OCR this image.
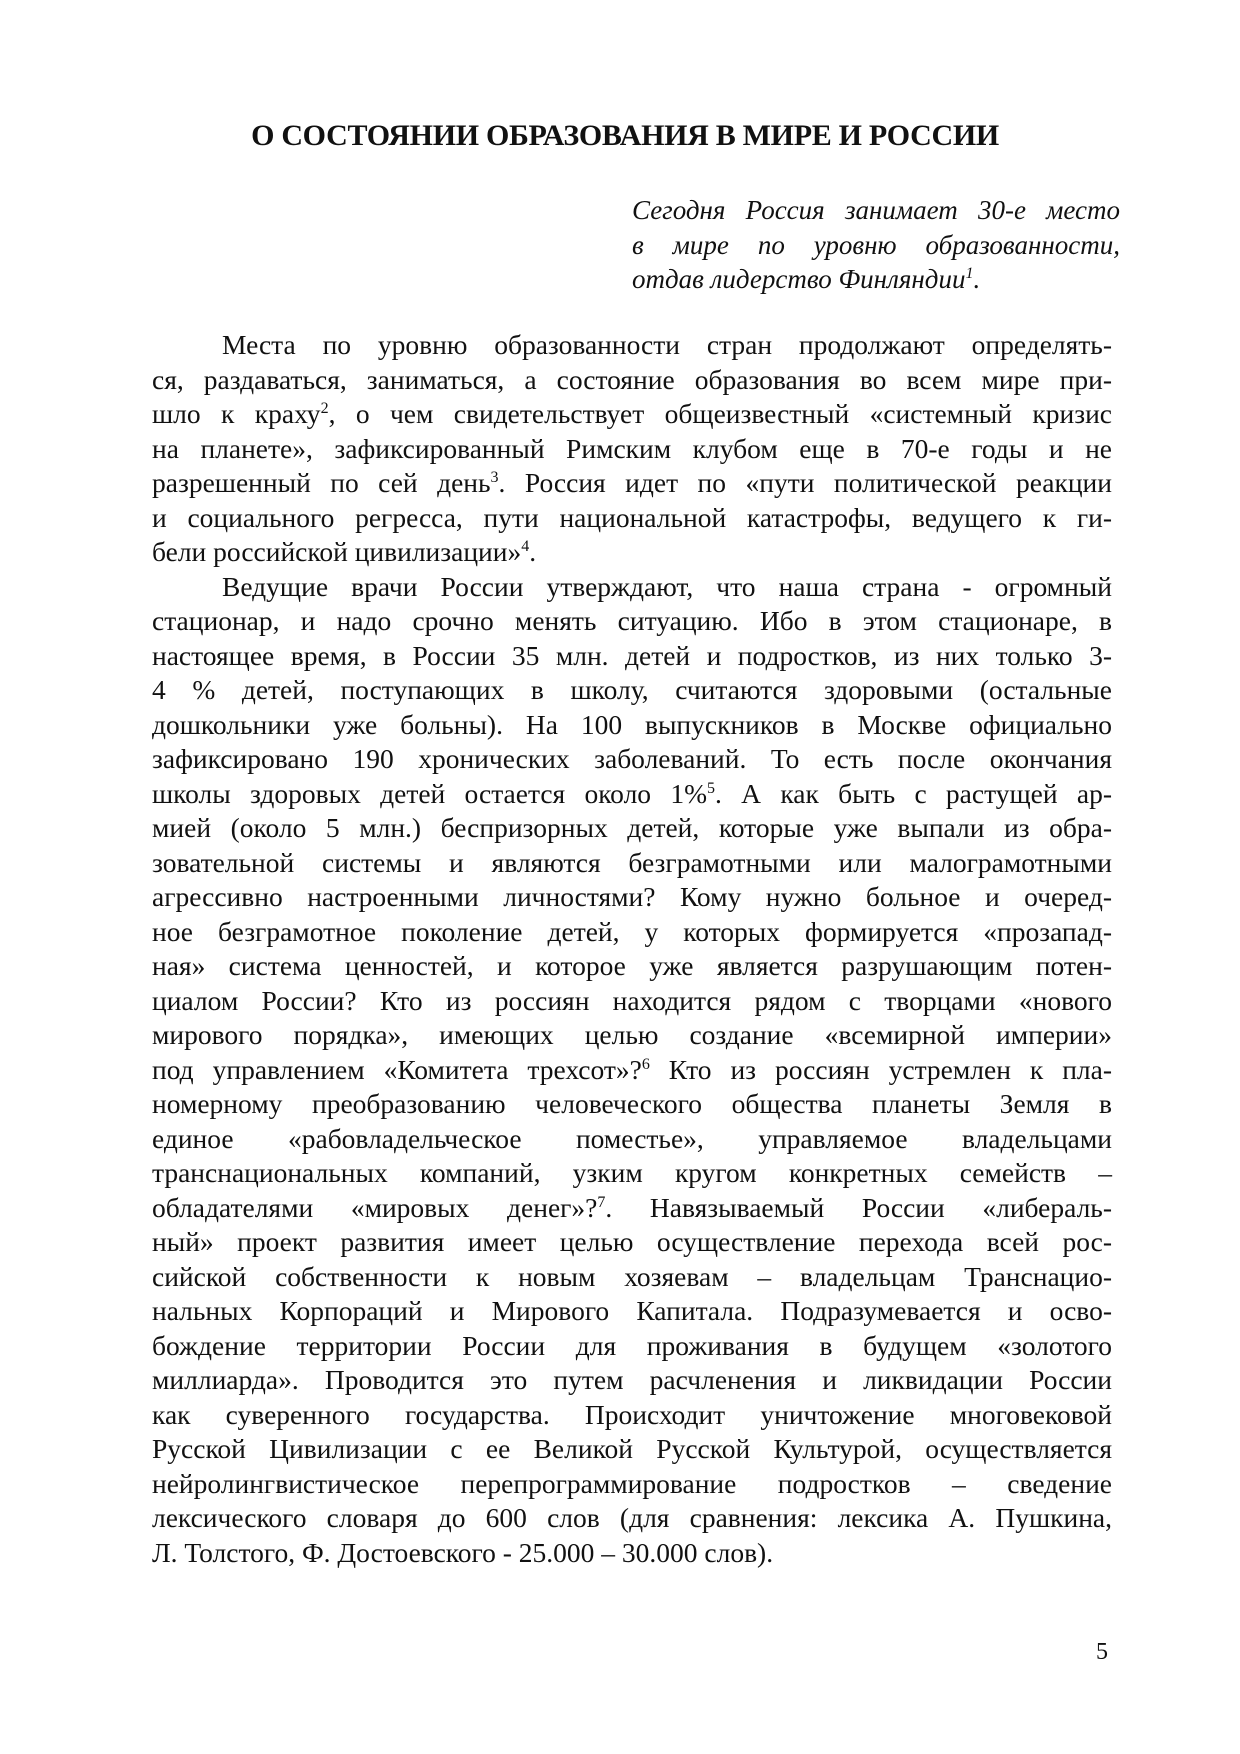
О СОСТОЯНИИ ОБРАЗОВАНИЯ В МИРЕ И РОССИИ
Сегодня Россия занимает 30-е место
в мире по уровню образованности,
отдав лидерство Финляндии$^1$.
Места по уровню образованности стран продолжают определять-
ся, раздаваться, заниматься, а состояние образования во всем мире при-
шло к краху$^2$, о чем свидетельствует общеизвестный «системный кризис
на планете», зафиксированный Римским клубом еще в 70-е годы и не
разрешенный по сей день$^3$. Россия идет по «пути политической реакции
и социального регресса, пути национальной катастрофы, ведущего к ги-
бели российской цивилизации»$^4$.
Ведущие врачи России утверждают, что наша страна - огромный
стационар, и надо срочно менять ситуацию. Ибо в этом стационаре, в
настоящее время, в России 35 млн. детей и подростков, из них только 3-
4 % детей, поступающих в школу, считаются здоровыми (остальные
дошкольники уже больны). На 100 выпускников в Москве официально
зафиксировано 190 хронических заболеваний. То есть после окончания
школы здоровых детей остается около 1%$^5$. А как быть с растущей ар-
мией (около 5 млн.) беспризорных детей, которые уже выпали из обра-
зовательной системы и являются безграмотными или малограмотными
агрессивно настроенными личностями? Кому нужно больное и очеред-
ное безграмотное поколение детей, у которых формируется «прозапад-
ная» система ценностей, и которое уже является разрушающим потен-
циалом России? Кто из россиян находится рядом с творцами «нового
мирового порядка», имеющих целью создание «всемирной империи»
под управлением «Комитета трехсот»?$^6$ Кто из россиян устремлен к пла-
номерному преобразованию человеческого общества планеты Земля в
единое «рабовладельческое поместье», управляемое владельцами
транснациональных компаний, узким кругом конкретных семейств –
обладателями «мировых денег»?$^7$. Навязываемый России «либераль-
ный» проект развития имеет целью осуществление перехода всей рос-
сийской собственности к новым хозяевам – владельцам Транснацио-
нальных Корпораций и Мирового Капитала. Подразумевается и осво-
бождение территории России для проживания в будущем «золотого
миллиарда». Проводится это путем расчленения и ликвидации России
как суверенного государства. Происходит уничтожение многовековой
Русской Цивилизации с ее Великой Русской Культурой, осуществляется
нейролингвистическое перепрограммирование подростков – сведение
лексического словаря до 600 слов (для сравнения: лексика А. Пушкина,
Л. Толстого, Ф. Достоевского - 25.000 – 30.000 слов).
5
